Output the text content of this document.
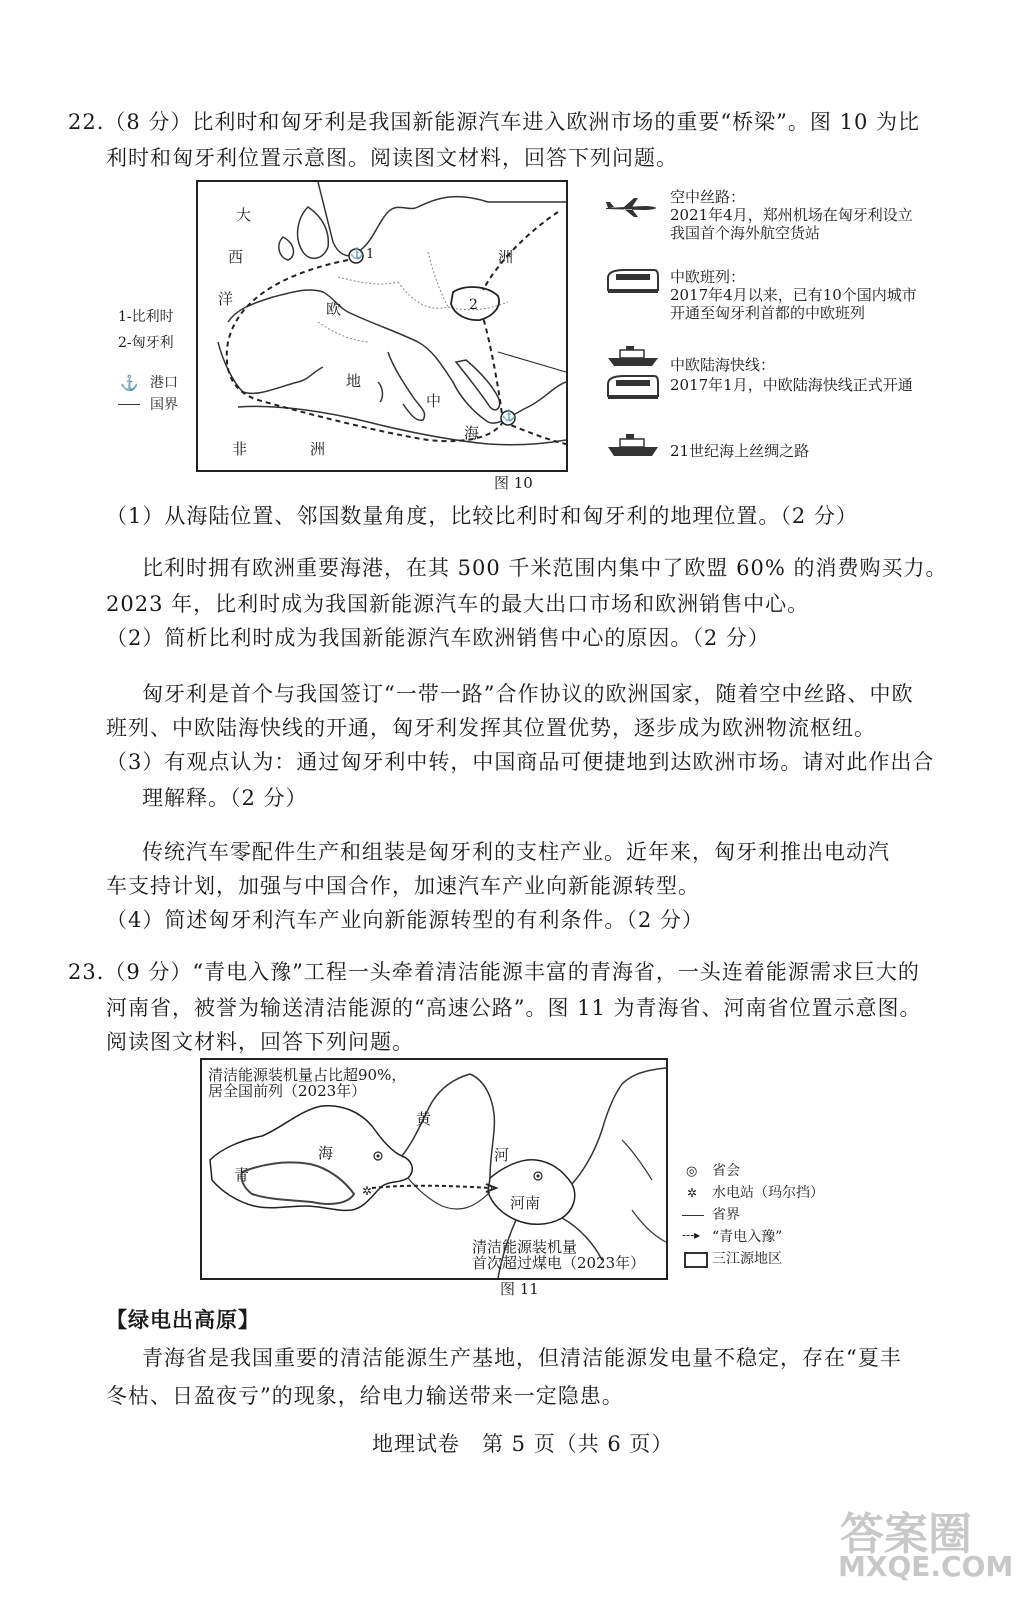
22.（8 分）比利时和匈牙利是我国新能源汽车进入欧洲市场的重要“桥梁”。图 10 为比
利时和匈牙利位置示意图。阅读图文材料，回答下列问题。
1-比利时
2-匈牙利
⚓ 港口
国界
大
西
洋
欧
洲
地
中
海
非	洲
1
2
⚓
⚓
空中丝路：
2021年4月，郑州机场在匈牙利设立
我国首个海外航空货站
中欧班列：
2017年4月以来，已有10个国内城市
开通至匈牙利首都的中欧班列
中欧陆海快线：
2017年1月，中欧陆海快线正式开通
21世纪海上丝绸之路
图 10
（1）从海陆位置、邻国数量角度，比较比利时和匈牙利的地理位置。（2 分）
比利时拥有欧洲重要海港，在其 500 千米范围内集中了欧盟 60% 的消费购买力。
2023 年，比利时成为我国新能源汽车的最大出口市场和欧洲销售中心。
（2）简析比利时成为我国新能源汽车欧洲销售中心的原因。（2 分）
匈牙利是首个与我国签订“一带一路”合作协议的欧洲国家，随着空中丝路、中欧
班列、中欧陆海快线的开通，匈牙利发挥其位置优势，逐步成为欧洲物流枢纽。
（3）有观点认为：通过匈牙利中转，中国商品可便捷地到达欧洲市场。请对此作出合
理解释。（2 分）
传统汽车零配件生产和组装是匈牙利的支柱产业。近年来，匈牙利推出电动汽
车支持计划，加强与中国合作，加速汽车产业向新能源转型。
（4）简述匈牙利汽车产业向新能源转型的有利条件。（2 分）
23.（9 分）“青电入豫”工程一头牵着清洁能源丰富的青海省，一头连着能源需求巨大的
河南省，被誉为输送清洁能源的“高速公路”。图 11 为青海省、河南省位置示意图。
阅读图文材料，回答下列问题。
清洁能源装机量占比超90%，
居全国前列（2023年）
青
海
黄
河
河南
✲
清洁能源装机量
首次超过煤电（2023年）
图 11
◎ 省会
✲ 水电站（玛尔挡）
省界
---▸ “青电入豫”
三江源地区
【绿电出高原】
青海省是我国重要的清洁能源生产基地，但清洁能源发电量不稳定，存在“夏丰
冬枯、日盈夜亏”的现象，给电力输送带来一定隐患。
地理试卷　第 5 页（共 6 页）
答案圈
MXQE.COM
